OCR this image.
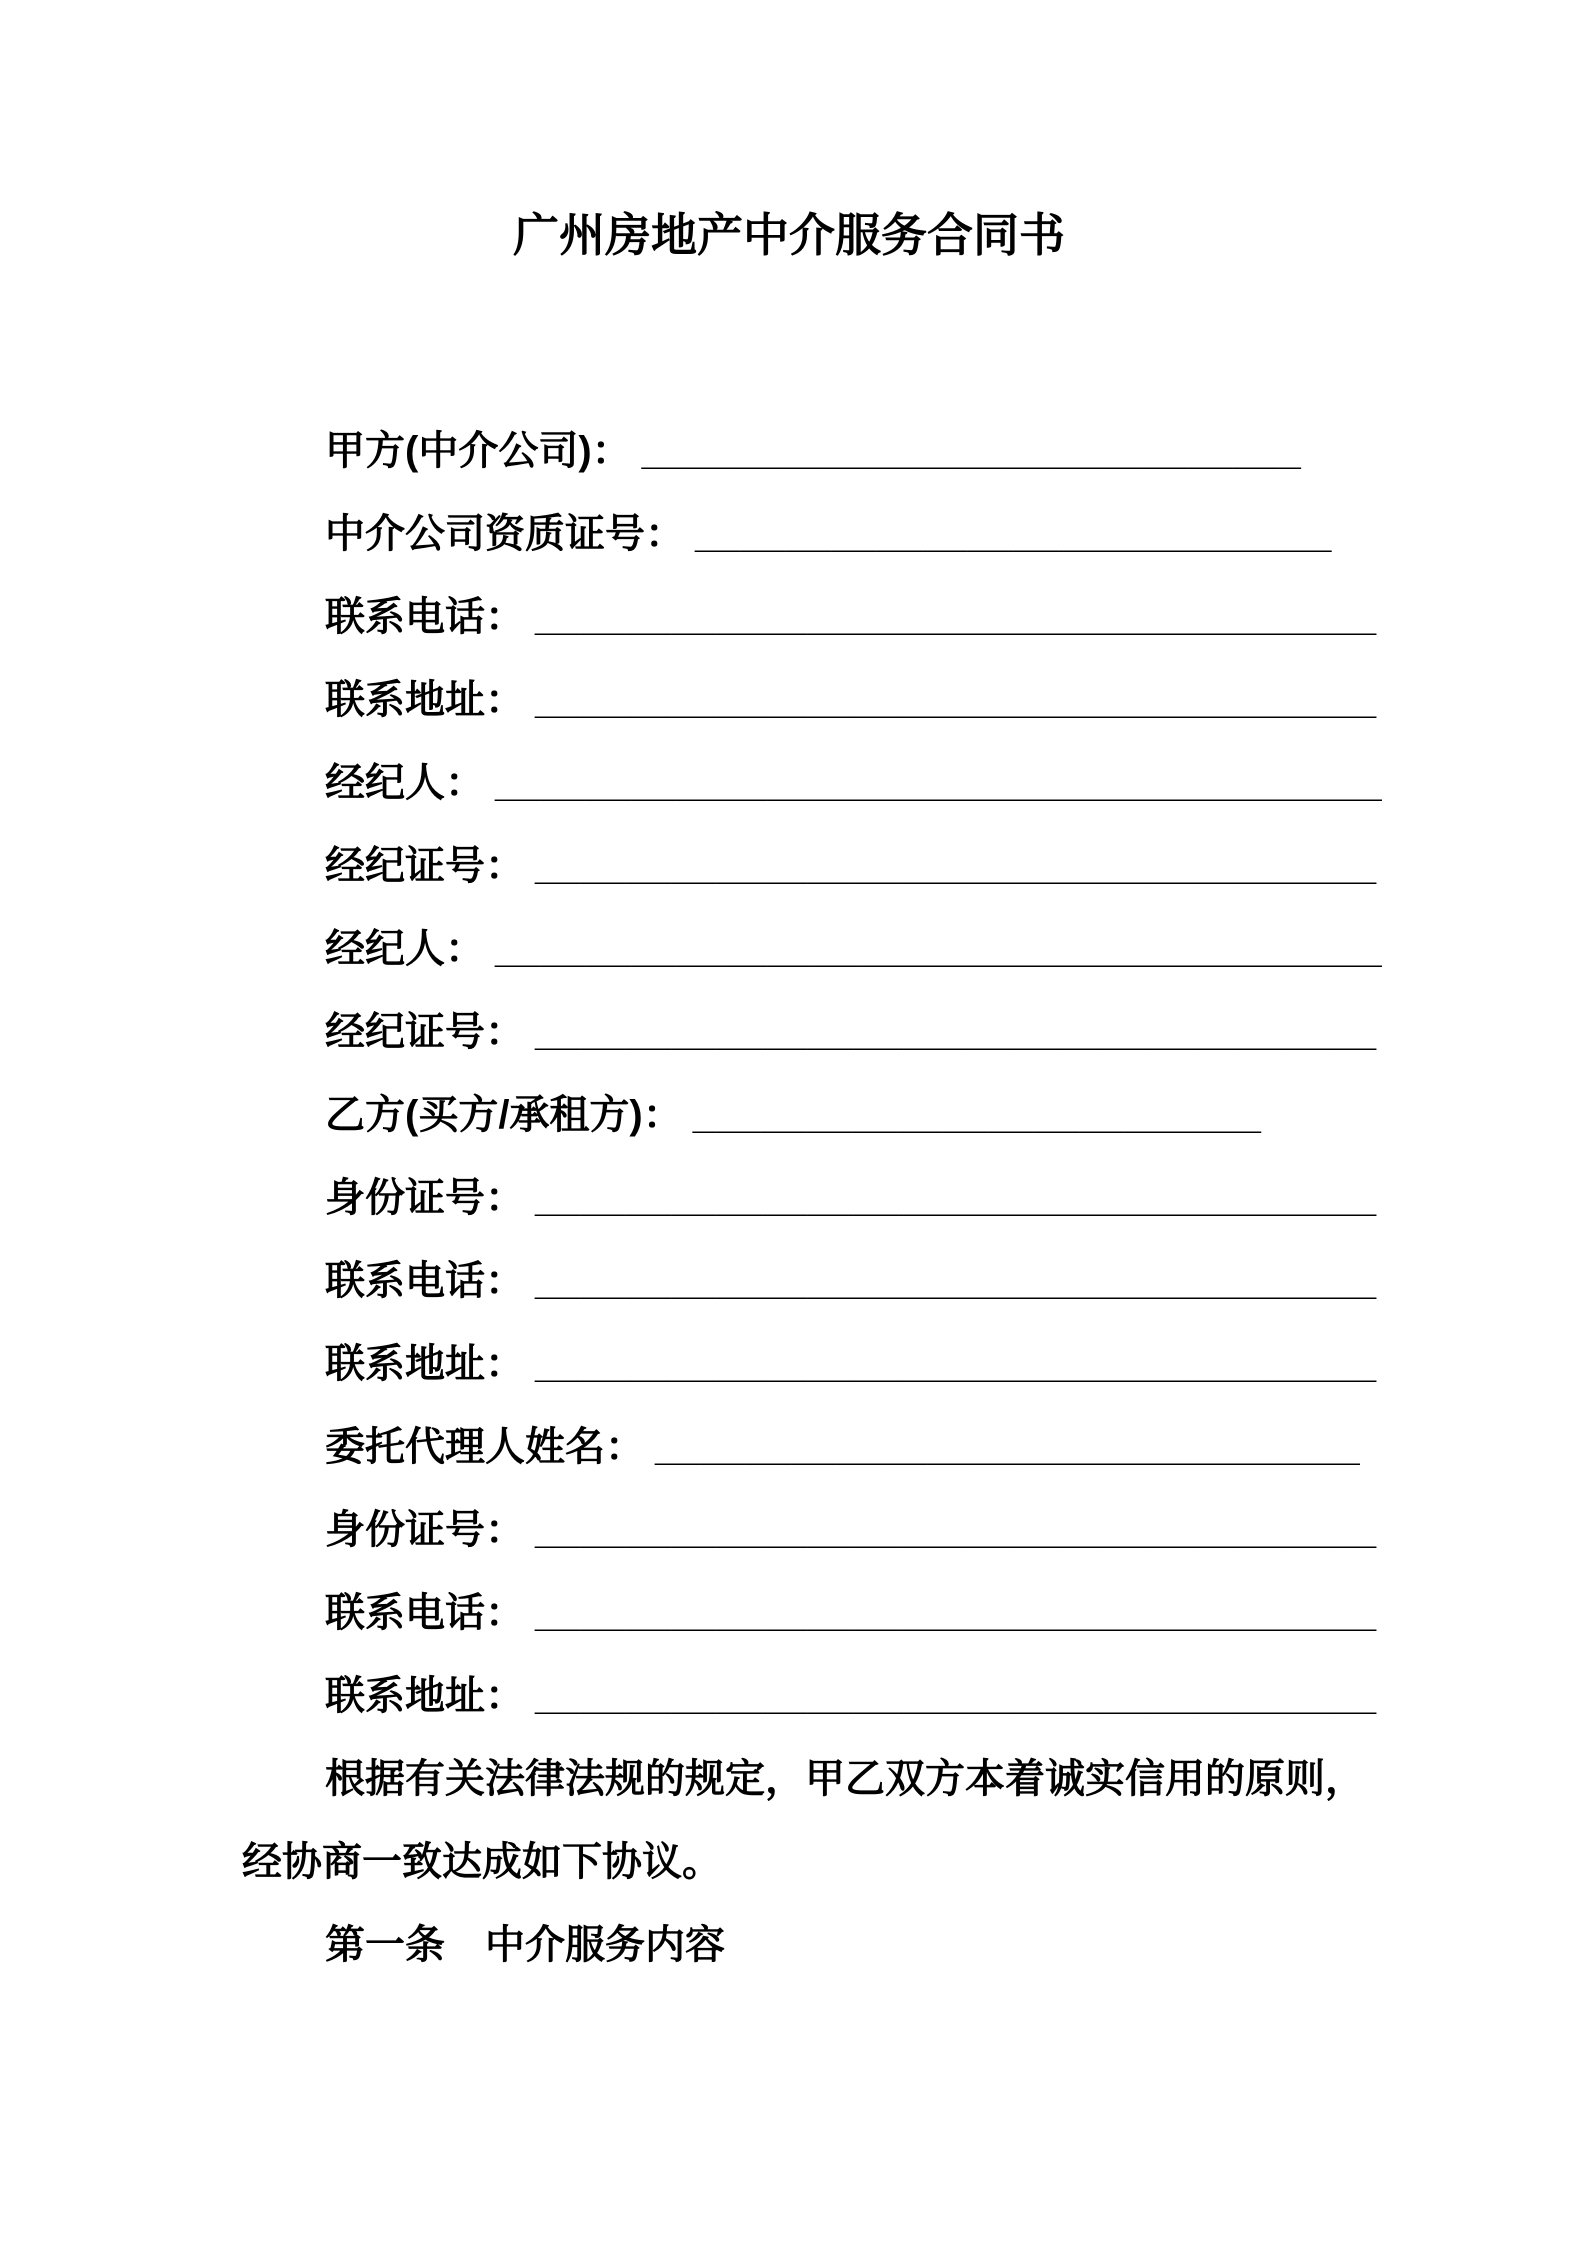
广州房地产中介服务合同书
甲方(中介公司)： _____________________________
中介公司资质证号： ____________________________
联系电话： _____________________________________
联系地址： _____________________________________
经纪人： _______________________________________
经纪证号： _____________________________________
经纪人： _______________________________________
经纪证号： _____________________________________
乙方(买方/承租方)： _________________________
身份证号： _____________________________________
联系电话： _____________________________________
联系地址： _____________________________________
委托代理人姓名： _______________________________
身份证号： _____________________________________
联系电话： _____________________________________
联系地址： _____________________________________

根据有关法律法规的规定，甲乙双方本着诚实信用的原则，

经协商一致达成如下协议。

第一条　中介服务内容
